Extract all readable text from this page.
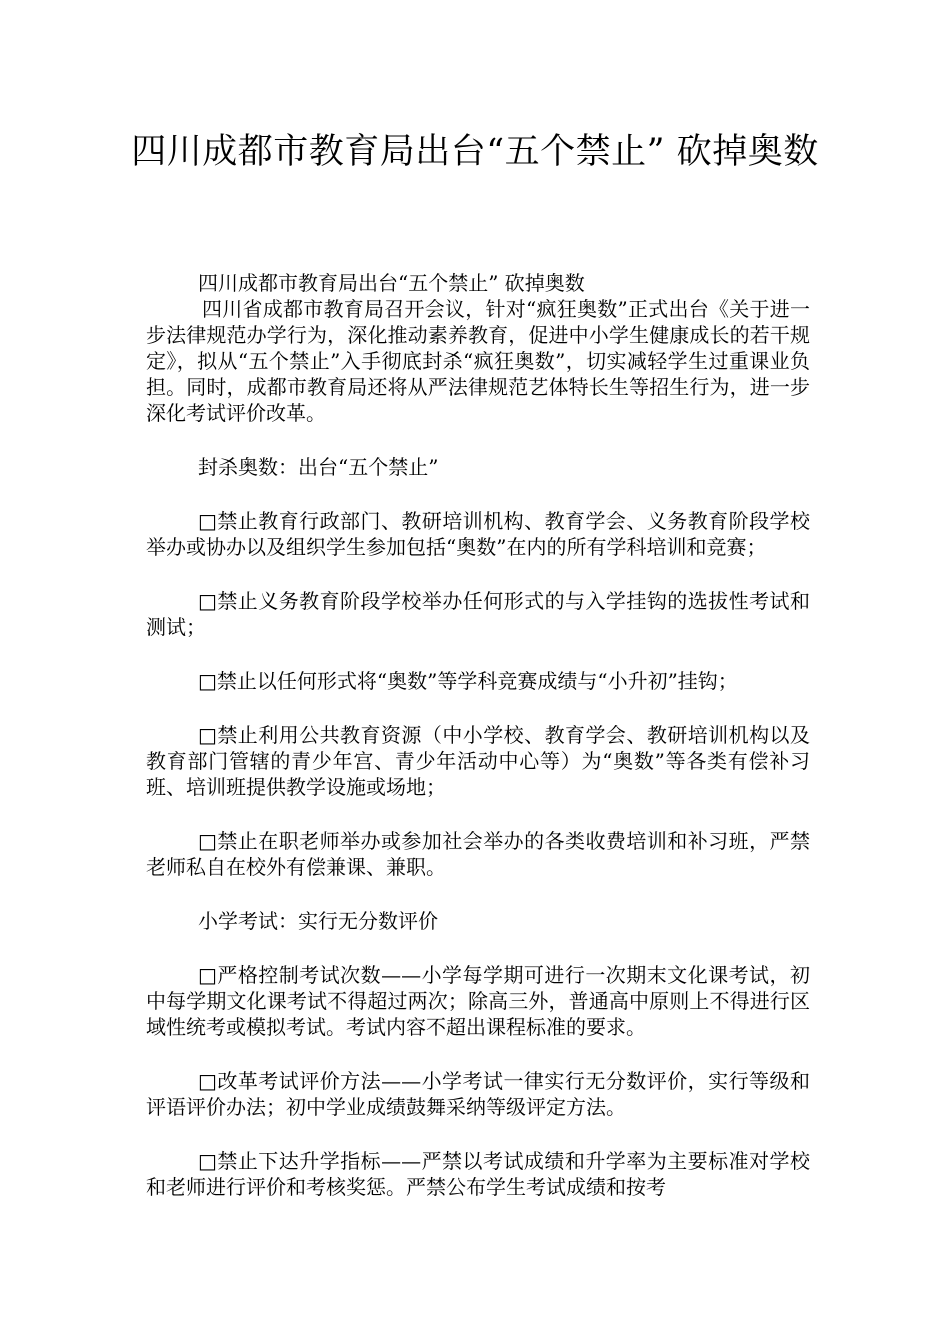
四川成都市教育局出台“五个禁止” 砍掉奥数

四川成都市教育局出台“五个禁止” 砍掉奥数

四川省成都市教育局召开会议，针对“疯狂奥数”正式出台《关于进一步法律规范办学行为，深化推动素养教育，促进中小学生健康成长的若干规定》，拟从“五个禁止”入手彻底封杀“疯狂奥数”，切实减轻学生过重课业负担。同时，成都市教育局还将从严法律规范艺体特长生等招生行为，进一步深化考试评价改革。

封杀奥数：出台“五个禁止”

□禁止教育行政部门、教研培训机构、教育学会、义务教育阶段学校举办或协办以及组织学生参加包括“奥数”在内的所有学科培训和竞赛；

□禁止义务教育阶段学校举办任何形式的与入学挂钩的选拔性考试和测试；

□禁止以任何形式将“奥数”等学科竞赛成绩与“小升初”挂钩；

□禁止利用公共教育资源（中小学校、教育学会、教研培训机构以及教育部门管辖的青少年宫、青少年活动中心等）为“奥数”等各类有偿补习班、培训班提供教学设施或场地；

□禁止在职老师举办或参加社会举办的各类收费培训和补习班，严禁老师私自在校外有偿兼课、兼职。

小学考试：实行无分数评价

□严格控制考试次数——小学每学期可进行一次期末文化课考试，初中每学期文化课考试不得超过两次；除高三外，普通高中原则上不得进行区域性统考或模拟考试。考试内容不超出课程标准的要求。

□改革考试评价方法——小学考试一律实行无分数评价，实行等级和评语评价办法；初中学业成绩鼓舞采纳等级评定方法。

□禁止下达升学指标——严禁以考试成绩和升学率为主要标准对学校和老师进行评价和考核奖惩。严禁公布学生考试成绩和按考
